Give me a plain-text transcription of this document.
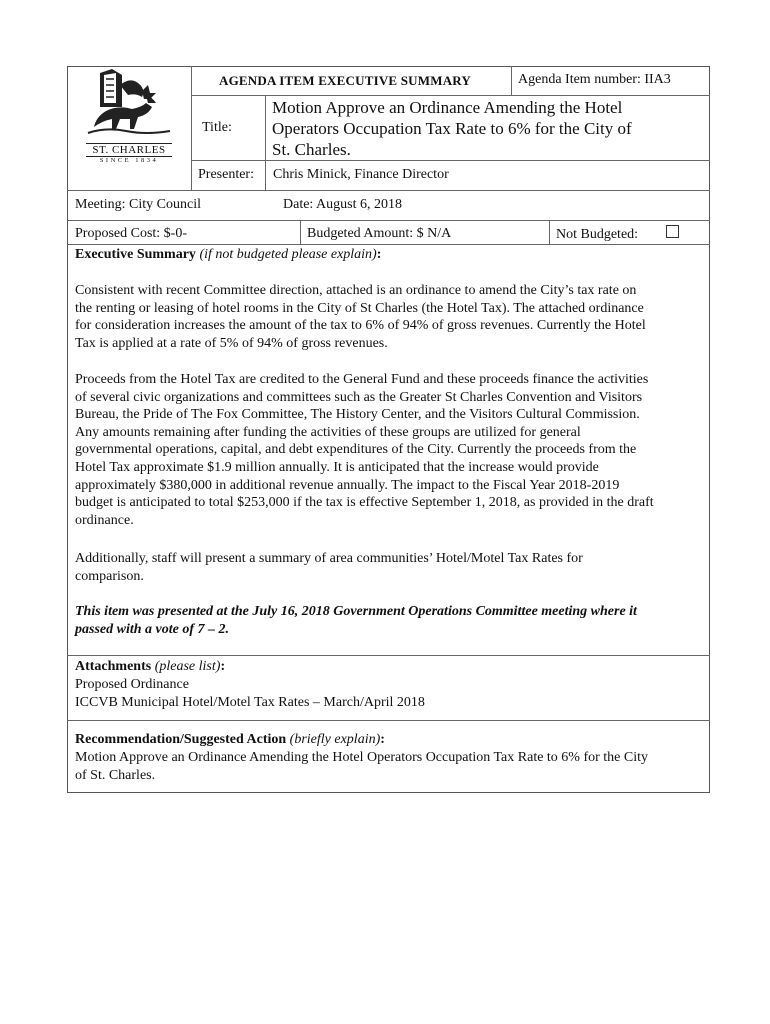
ST. CHARLES
SINCE 1834
AGENDA ITEM EXECUTIVE SUMMARY	Agenda Item number: IIA3
Title:
Motion Approve an Ordinance Amending the Hotel
Operators Occupation Tax Rate to 6% for the City of
St. Charles.
Presenter: Chris Minick, Finance Director
Meeting: City Council	Date: August 6, 2018
Proposed Cost: $-0-	Budgeted Amount: $ N/A	Not Budgeted:
Executive Summary (if not budgeted please explain):
Consistent with recent Committee direction, attached is an ordinance to amend the City’s tax rate on
the renting or leasing of hotel rooms in the City of St Charles (the Hotel Tax). The attached ordinance
for consideration increases the amount of the tax to 6% of 94% of gross revenues. Currently the Hotel
Tax is applied at a rate of 5% of 94% of gross revenues.
Proceeds from the Hotel Tax are credited to the General Fund and these proceeds finance the activities
of several civic organizations and committees such as the Greater St Charles Convention and Visitors
Bureau, the Pride of The Fox Committee, The History Center, and the Visitors Cultural Commission.
Any amounts remaining after funding the activities of these groups are utilized for general
governmental operations, capital, and debt expenditures of the City. Currently the proceeds from the
Hotel Tax approximate $1.9 million annually. It is anticipated that the increase would provide
approximately $380,000 in additional revenue annually. The impact to the Fiscal Year 2018-2019
budget is anticipated to total $253,000 if the tax is effective September 1, 2018, as provided in the draft
ordinance.
Additionally, staff will present a summary of area communities’ Hotel/Motel Tax Rates for
comparison.
This item was presented at the July 16, 2018 Government Operations Committee meeting where it
passed with a vote of 7 – 2.
Attachments (please list):
Proposed Ordinance
ICCVB Municipal Hotel/Motel Tax Rates – March/April 2018
Recommendation/Suggested Action (briefly explain):
Motion Approve an Ordinance Amending the Hotel Operators Occupation Tax Rate to 6% for the City
of St. Charles.
